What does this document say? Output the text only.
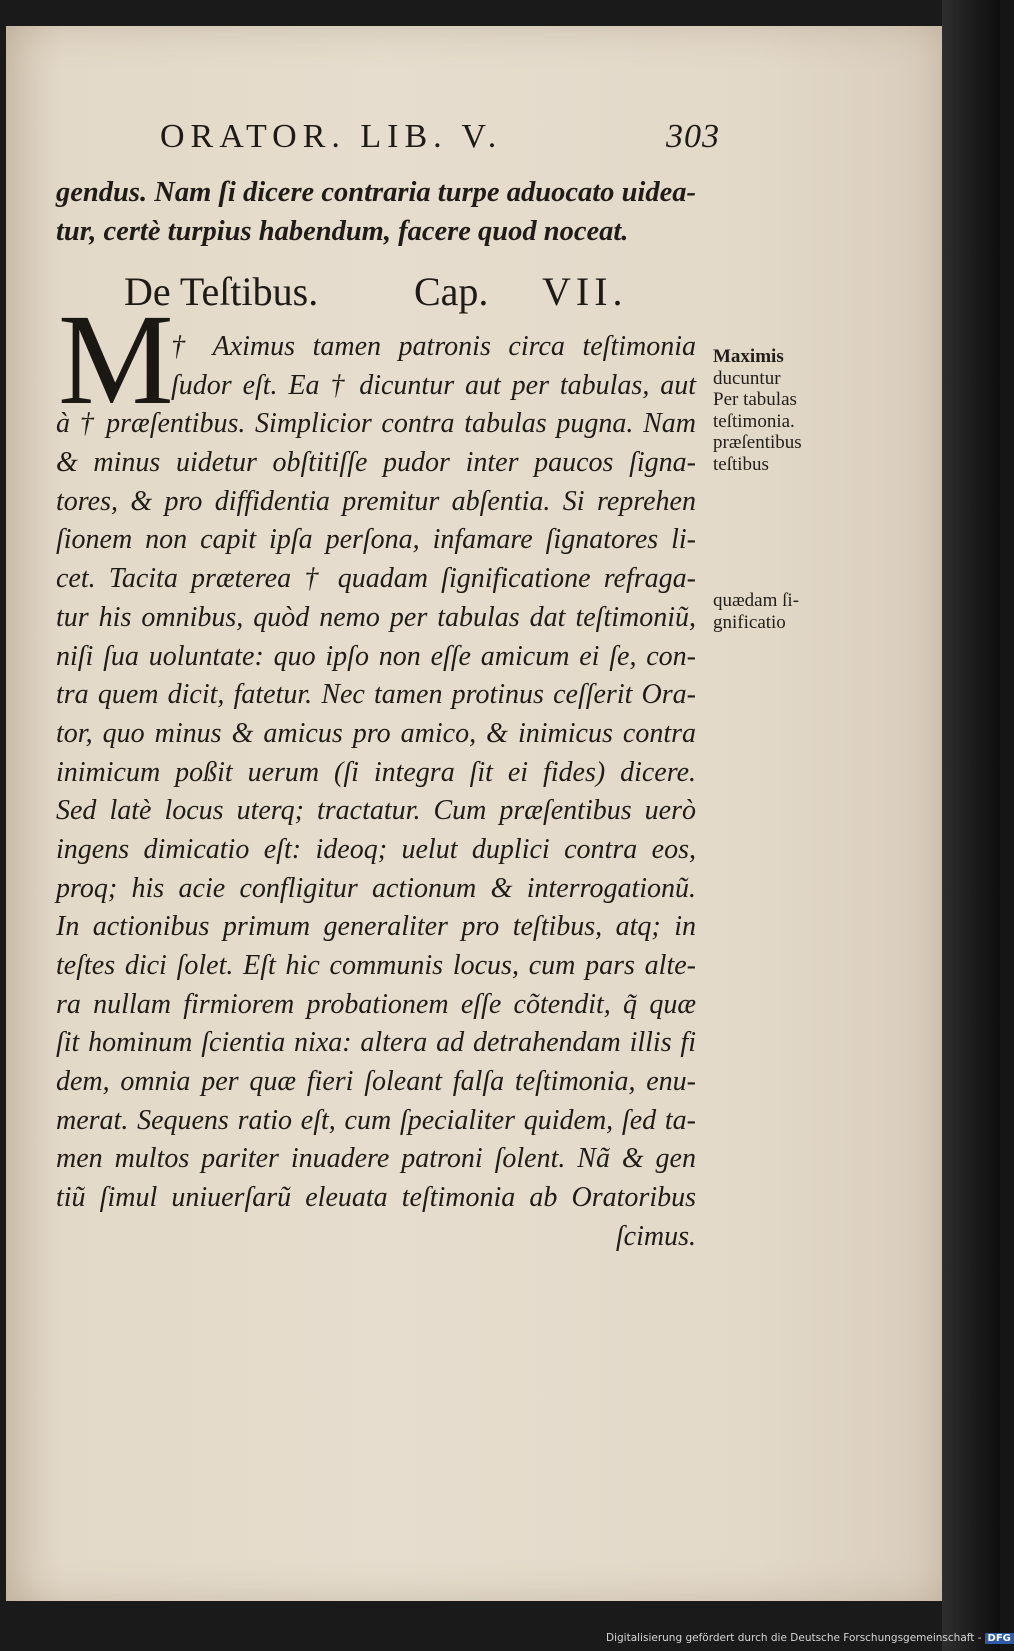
ORATOR. LIB. V.	303
gendus. Nam ſi dicere contraria turpe aduocato uidea-
tur, certè turpius habendum, facere quod noceat.
De Teſtibus. Cap. VII.
M
† Aximus tamen patronis circa teſtimonia
ſudor eſt. Ea † dicuntur aut per tabulas, aut
à † præſentibus. Simplicior contra tabulas pugna. Nam
& minus uidetur obſtitiſſe pudor inter paucos ſigna-
tores, & pro diffidentia premitur abſentia. Si reprehen
ſionem non capit ipſa perſona, infamare ſignatores li-
cet. Tacita præterea † quadam ſignificatione refraga-
tur his omnibus, quòd nemo per tabulas dat teſtimoniũ,
niſi ſua uoluntate: quo ipſo non eſſe amicum ei ſe, con-
tra quem dicit, fatetur. Nec tamen protinus ceſſerit Ora-
tor, quo minus & amicus pro amico, & inimicus contra
inimicum poßit uerum (ſi integra ſit ei fides) dicere.
Sed latè locus uterq; tractatur. Cum præſentibus uerò
ingens dimicatio eſt: ideoq; uelut duplici contra eos,
proq; his acie confligitur actionum & interrogationũ.
In actionibus primum generaliter pro teſtibus, atq; in
teſtes dici ſolet. Eſt hic communis locus, cum pars alte-
ra nullam firmiorem probationem eſſe cõtendit, q̃ quæ
ſit hominum ſcientia nixa: altera ad detrahendam illis fi
dem, omnia per quæ fieri ſoleant falſa teſtimonia, enu-
merat. Sequens ratio eſt, cum ſpecialiter quidem, ſed ta-
men multos pariter inuadere patroni ſolent. Nã & gen
tiũ ſimul uniuerſarũ eleuata teſtimonia ab Oratoribus
ſcimus.
Maximis
ducuntur
Per tabulas
teſtimonia.
præſentibus
teſtibus
quædam ſi-
gnificatio
Digitalisierung gefördert durch die Deutsche Forschungsgemeinschaft - DFG
